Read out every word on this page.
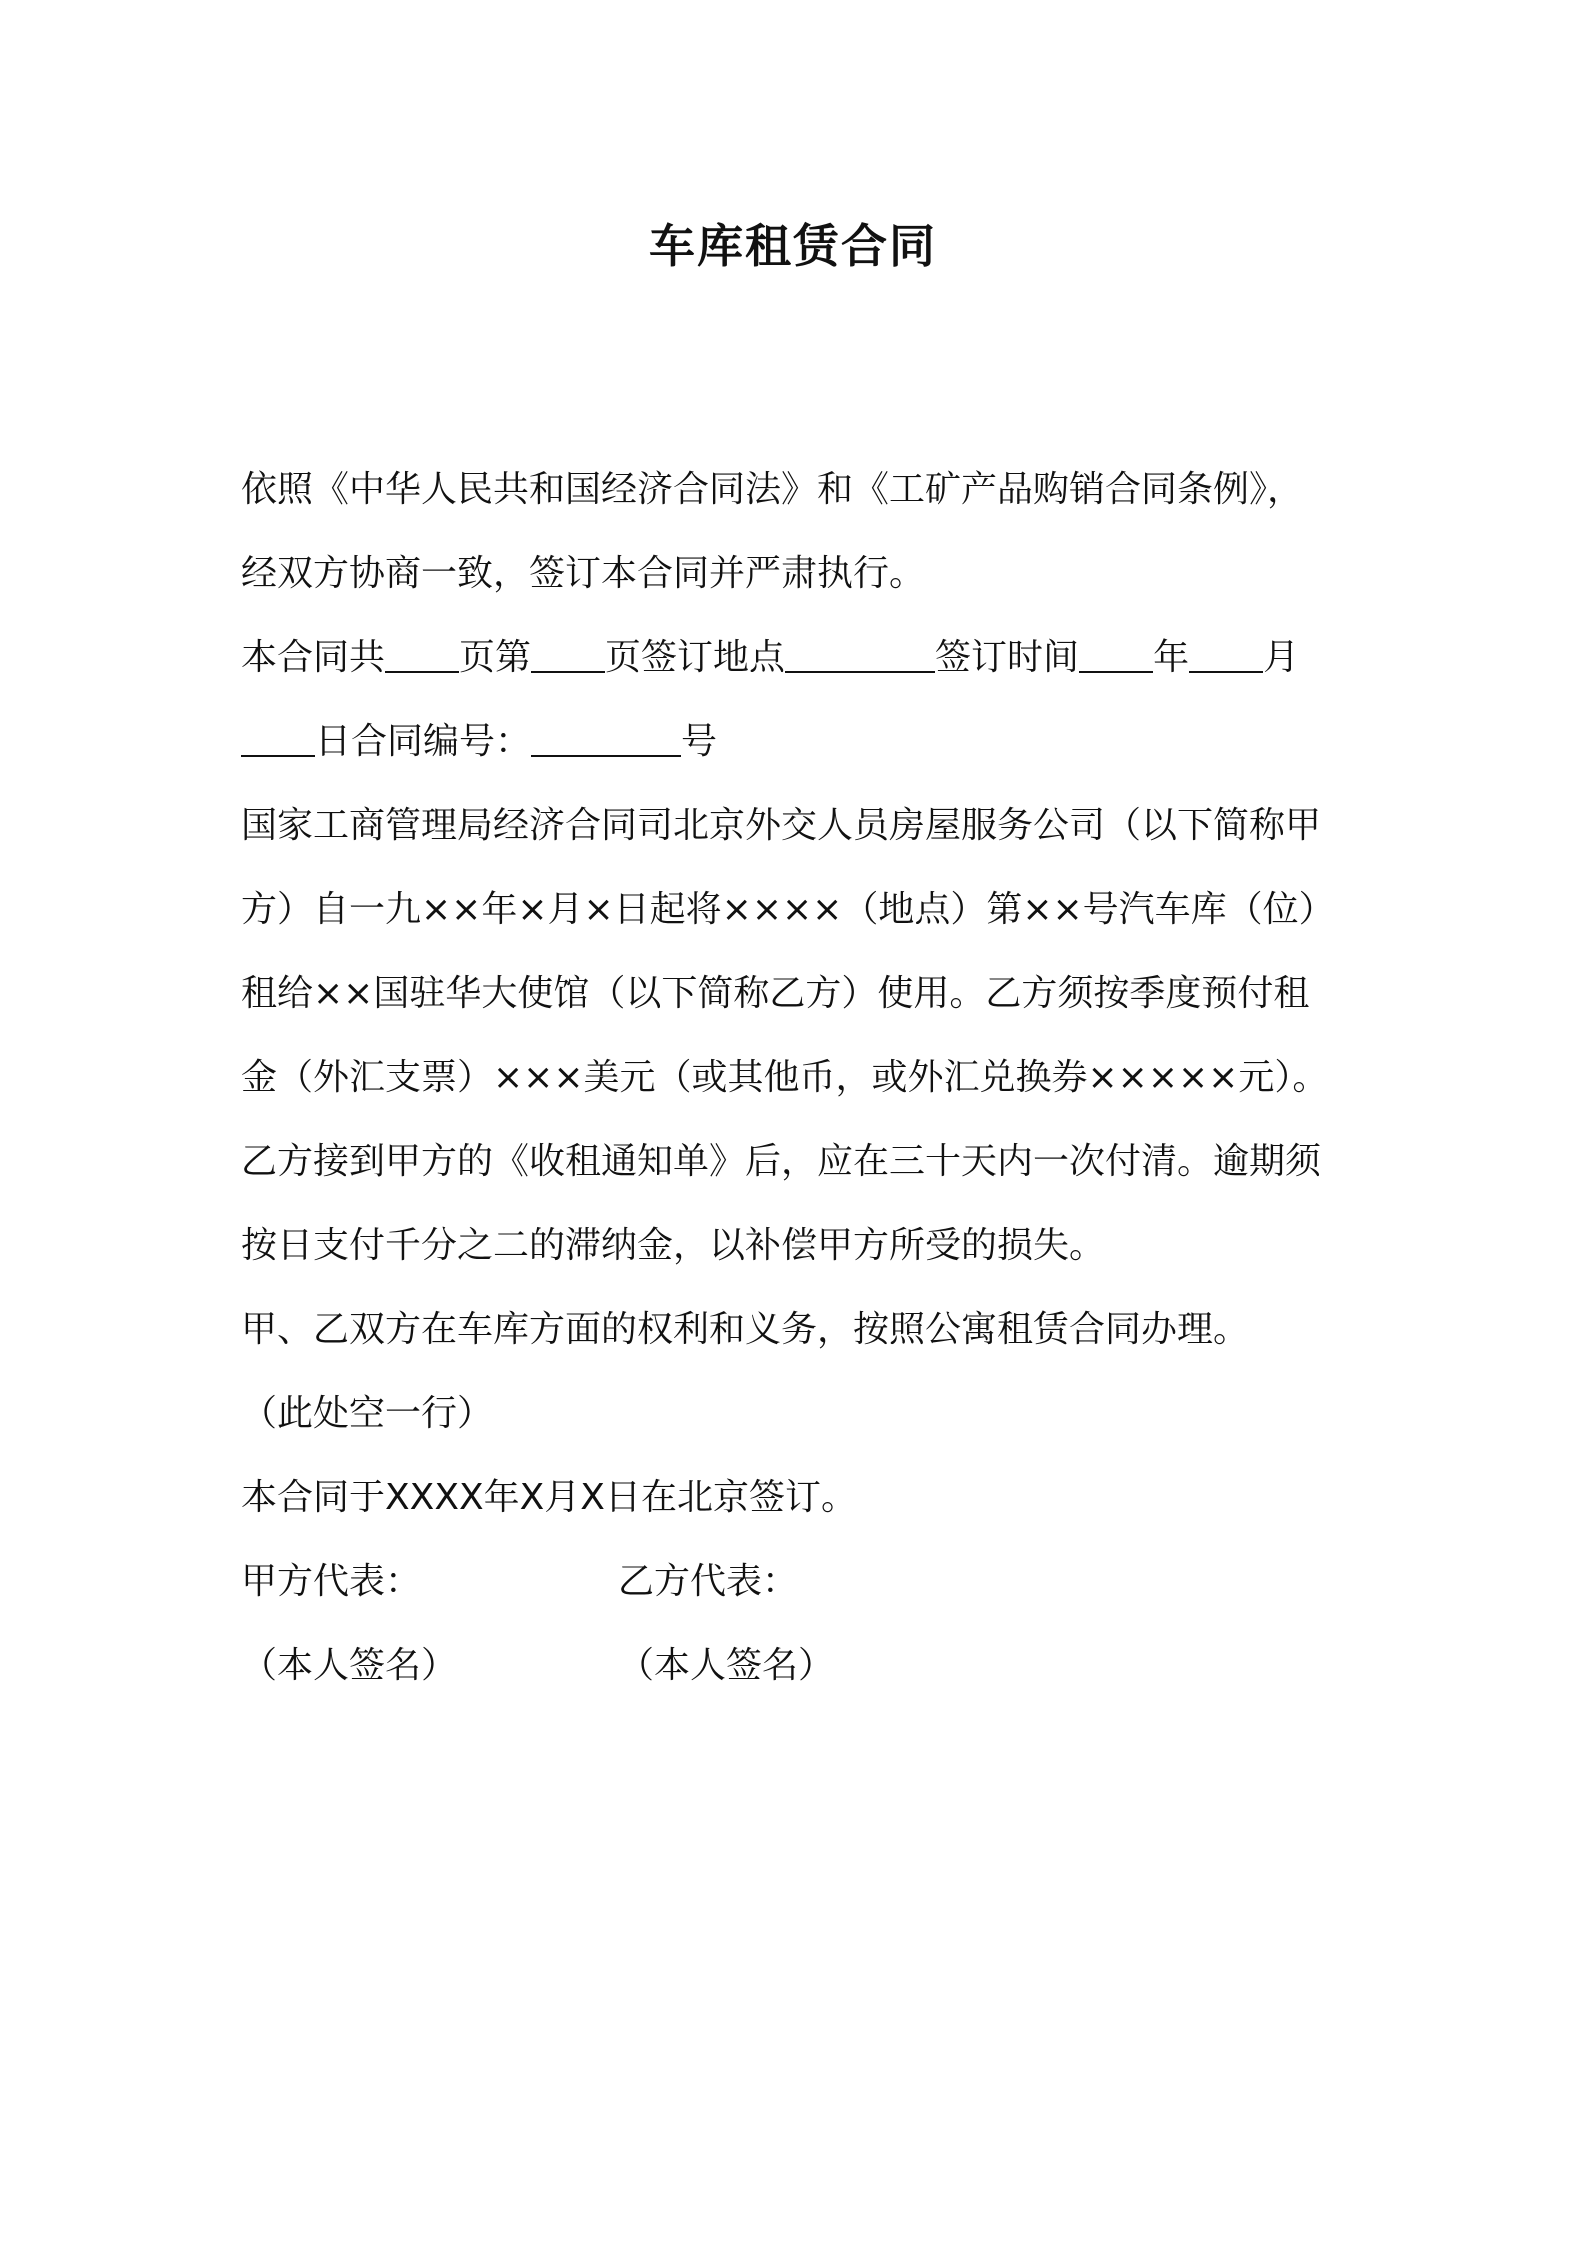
车库租赁合同
依照《中华人民共和国经济合同法》和《工矿产品购销合同条例》，
经双方协商一致，签订本合同并严肃执行。
本合同共 页第 页签订地点	签订时间 年 月
日合同编号：	号
国家工商管理局经济合同司北京外交人员房屋服务公司（以下简称甲
方）自一九××年×月×日起将××××（地点）第××号汽车库（位）
租给××国驻华大使馆（以下简称乙方）使用。乙方须按季度预付租
金（外汇支票）×××美元（或其他币，或外汇兑换券×××××元）。
乙方接到甲方的《收租通知单》后，应在三十天内一次付清。逾期须
按日支付千分之二的滞纳金，以补偿甲方所受的损失。
甲、乙双方在车库方面的权利和义务，按照公寓租赁合同办理。
（此处空一行）
本合同于XXXX年X月X日在北京签订。
甲方代表：	乙方代表：
（本人签名）	（本人签名）
